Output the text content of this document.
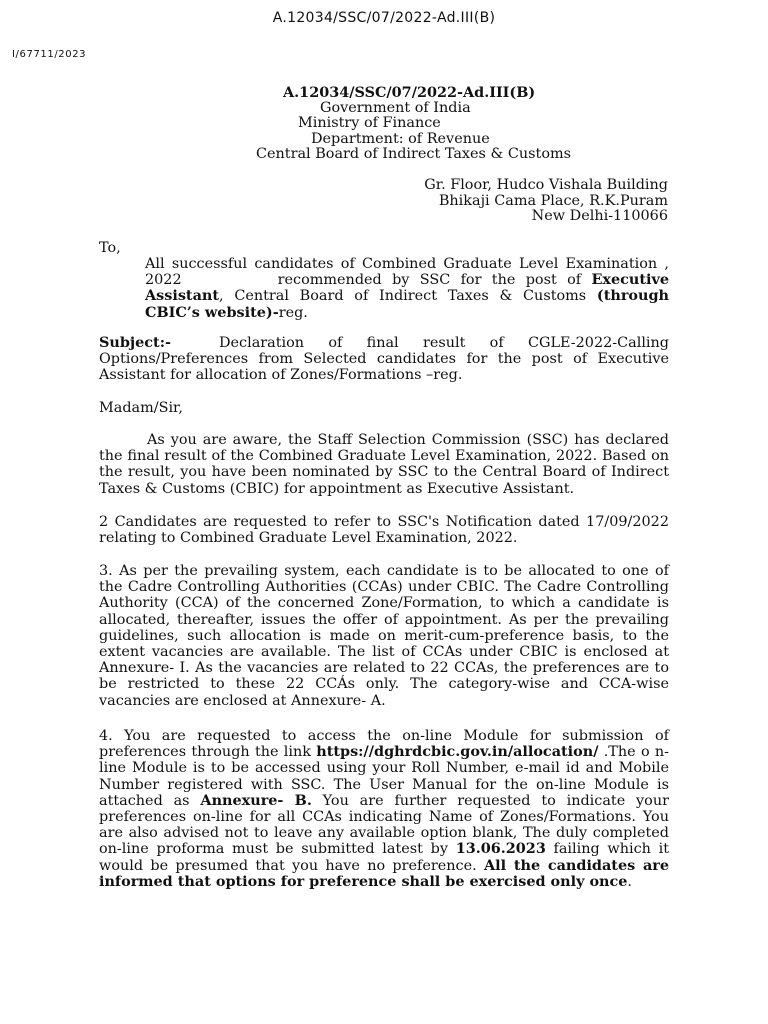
A.12034/SSC/07/2022-Ad.III(B)
I/67711/2023
A.12034/SSC/07/2022-Ad.III(B)
Government of India
Ministry of Finance
Department: of Revenue
Central Board of Indirect Taxes & Customs
Gr. Floor, Hudco Vishala Building
Bhikaji Cama Place, R.K.Puram
New Delhi-110066
To,
All successful candidates of Combined Graduate Level Examination , 2022	recommended by SSC for the post of Executive Assistant, Central Board of Indirect Taxes & Customs (through CBIC’s website)-reg.
Subject:-	Declaration of final result of CGLE-2022-Calling Options/Preferences from Selected candidates for the post of Executive Assistant for allocation of Zones/Formations –reg.
Madam/Sir,
As you are aware, the Staff Selection Commission (SSC) has declared the final result of the Combined Graduate Level Examination, 2022. Based on the result, you have been nominated by SSC to the Central Board of Indirect Taxes & Customs (CBIC) for appointment as Executive Assistant.
2 Candidates are requested to refer to SSC's Notification dated 17/09/2022 relating to Combined Graduate Level Examination, 2022.
3. As per the prevailing system, each candidate is to be allocated to one of the Cadre Controlling Authorities (CCAs) under CBIC. The Cadre Controlling Authority (CCA) of the concerned Zone/Formation, to which a candidate is allocated, thereafter, issues the offer of appointment. As per the prevailing guidelines, such allocation is made on merit-cum-preference basis, to the extent vacancies are available. The list of CCAs under CBIC is enclosed at Annexure- I. As the vacancies are related to 22 CCAs, the preferences are to be restricted to these 22 CCÁs only. The category-wise and CCA-wise vacancies are enclosed at Annexure- A.
4. You are requested to access the on-line Module for submission of preferences through the link https://dghrdcbic.gov.in/allocation/ .The o n-line Module is to be accessed using your Roll Number, e-mail id and Mobile Number registered with SSC. The User Manual for the on-line Module is attached as Annexure- B. You are further requested to indicate your preferences on-line for all CCAs indicating Name of Zones/Formations. You are also advised not to leave any available option blank, The duly completed on-line proforma must be submitted latest by 13.06.2023 failing which it would be presumed that you have no preference. All the candidates are informed that options for preference shall be exercised only once.
